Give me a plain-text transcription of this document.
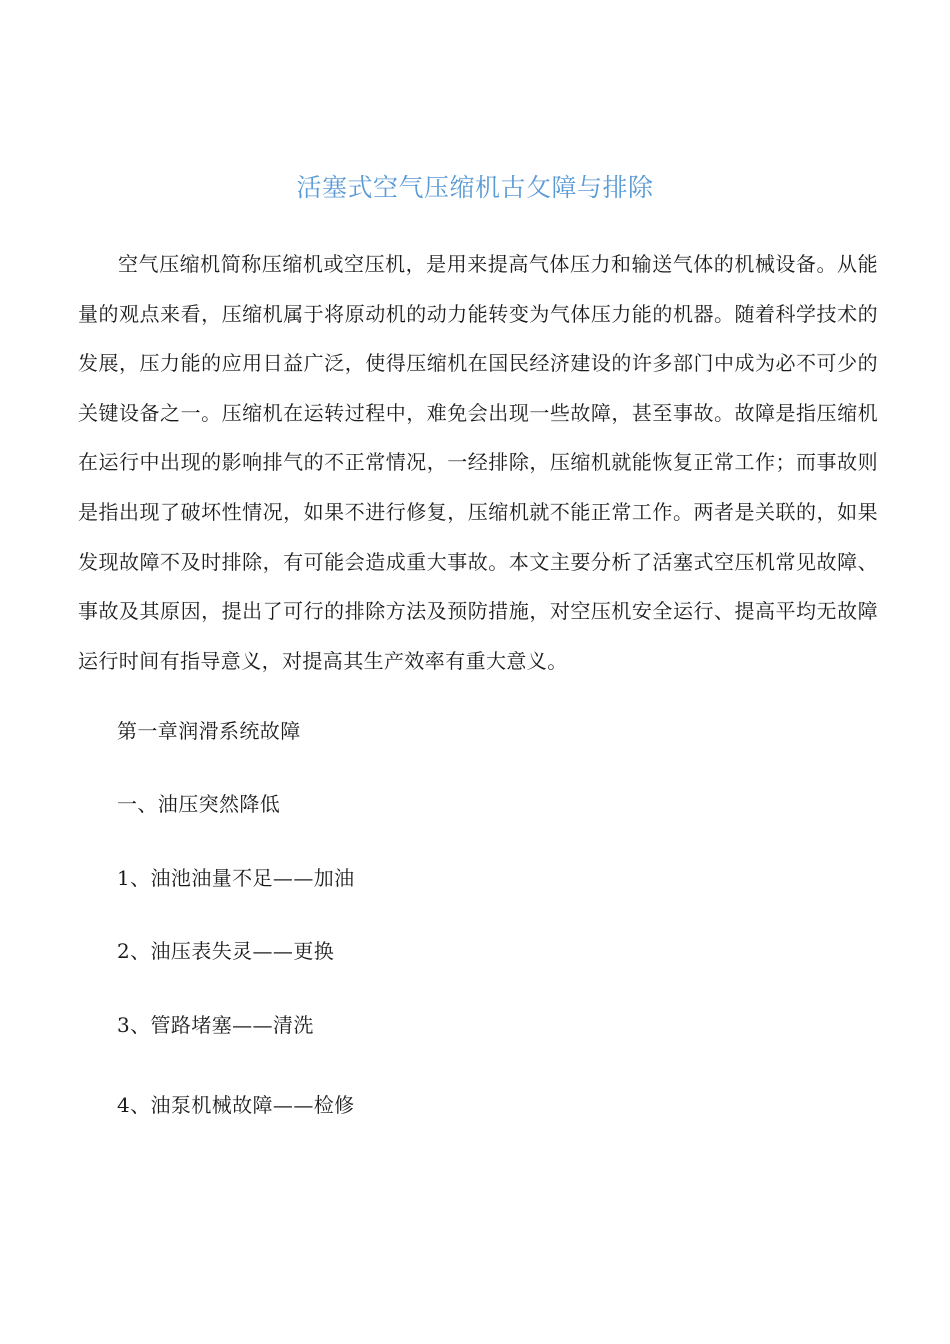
活塞式空气压缩机古攵障与排除

空气压缩机简称压缩机或空压机，是用来提高气体压力和输送气体的机械设备。从能量的观点来看，压缩机属于将原动机的动力能转变为气体压力能的机器。随着科学技术的发展，压力能的应用日益广泛，使得压缩机在国民经济建设的许多部门中成为必不可少的关键设备之一。压缩机在运转过程中，难免会出现一些故障，甚至事故。故障是指压缩机在运行中出现的影响排气的不正常情况，一经排除，压缩机就能恢复正常工作；而事故则是指出现了破坏性情况，如果不进行修复，压缩机就不能正常工作。两者是关联的，如果发现故障不及时排除，有可能会造成重大事故。本文主要分析了活塞式空压机常见故障、事故及其原因，提出了可行的排除方法及预防措施，对空压机安全运行、提高平均无故障运行时间有指导意义，对提高其生产效率有重大意义。

第一章润滑系统故障

一、油压突然降低

1、油池油量不足——加油

2、油压表失灵——更换

3、管路堵塞——清洗

4、油泵机械故障——检修
